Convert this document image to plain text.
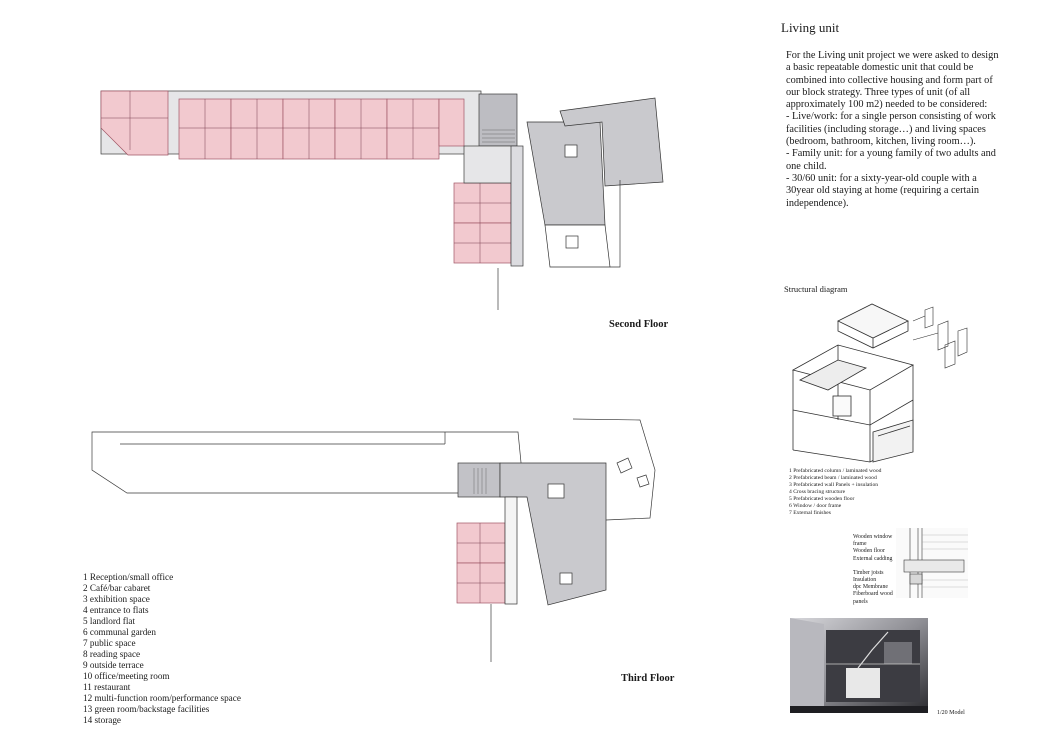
Living unit

For the Living unit project we were asked to design a basic repeatable domestic unit that could be combined into collective housing and form part of our block strategy. Three types of unit (of all approximately 100 m2) needed to be considered:

- Live/work: for a single person consisting of work facilities (including storage…) and living spaces (bedroom, bathroom, kitchen, living room…).

- Family unit: for a young family of two adults and one child.

- 30/60 unit: for a sixty-year-old couple with a 30year old staying at home (requiring a certain independence).

Second Floor
Third Floor
1 Reception/small office
2 Café/bar cabaret
3 exhibition space
4 entrance to flats
5 landlord flat
6 communal garden
7 public space
8 reading space
9 outside terrace
10 office/meeting room
11 restaurant
12 multi-function room/performance space
13 green room/backstage facilities
14 storage
Structural diagram
1 Prefabricated column / laminated wood
2 Prefabricated beam / laminated wood
3 Prefabricated wall Panels + insulation
4 Cross bracing structure
5 Prefabricated wooden floor
6 Window / door frame
7 External finishes
Wooden window
frame
Wooden floor
External cadding
Timber joists
Insulation
dpc Membrane
Fiberboard wood
panels
1/20 Model
